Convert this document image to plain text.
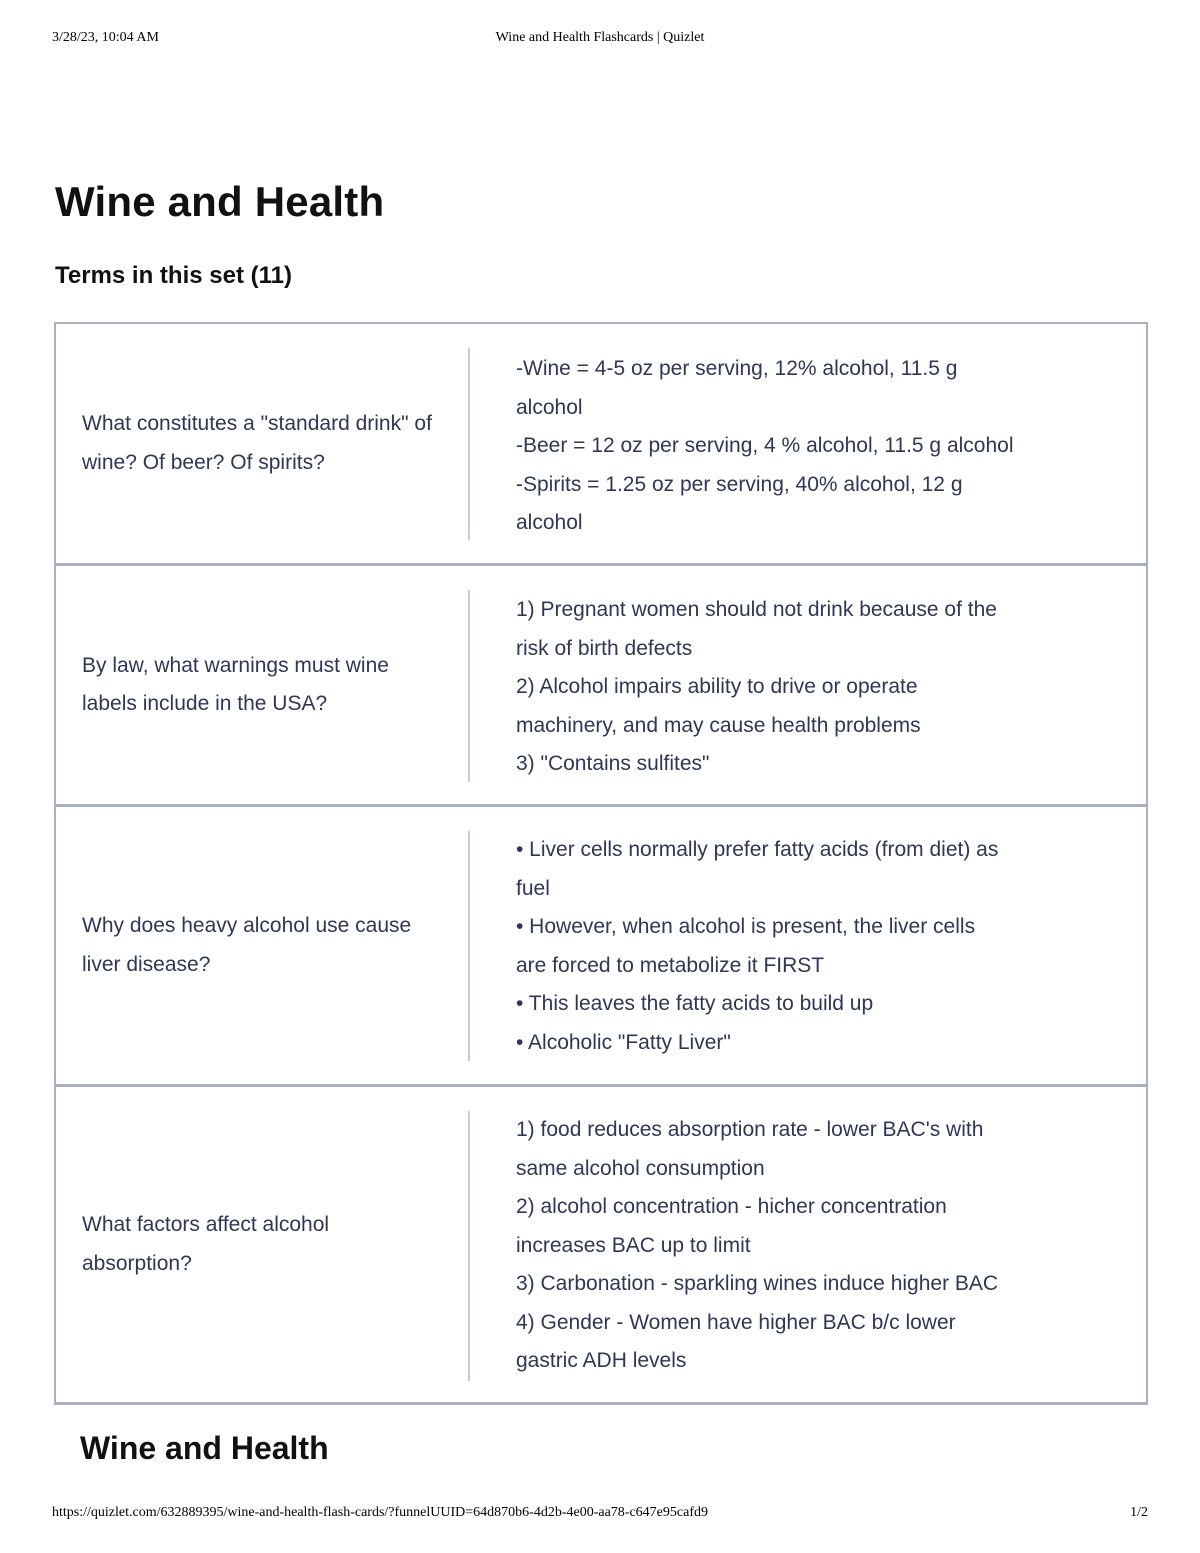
3/28/23, 10:04 AM	Wine and Health Flashcards | Quizlet
Wine and Health
Terms in this set (11)
What constitutes a "standard drink" of wine? Of beer? Of spirits?
-Wine = 4-5 oz per serving, 12% alcohol, 11.5 g
alcohol
-Beer = 12 oz per serving, 4 % alcohol, 11.5 g alcohol
-Spirits = 1.25 oz per serving, 40% alcohol, 12 g
alcohol
By law, what warnings must wine labels include in the USA?
1) Pregnant women should not drink because of the
risk of birth defects
2) Alcohol impairs ability to drive or operate
machinery, and may cause health problems
3) "Contains sulfites"
Why does heavy alcohol use cause liver disease?
• Liver cells normally prefer fatty acids (from diet) as
fuel
• However, when alcohol is present, the liver cells
are forced to metabolize it FIRST
• This leaves the fatty acids to build up
• Alcoholic "Fatty Liver"
What factors affect alcohol absorption?
1) food reduces absorption rate - lower BAC's with
same alcohol consumption
2) alcohol concentration - hicher concentration
increases BAC up to limit
3) Carbonation - sparkling wines induce higher BAC
4) Gender - Women have higher BAC b/c lower
gastric ADH levels
Wine and Health
https://quizlet.com/632889395/wine-and-health-flash-cards/?funnelUUID=64d870b6-4d2b-4e00-aa78-c647e95cafd9	1/2
